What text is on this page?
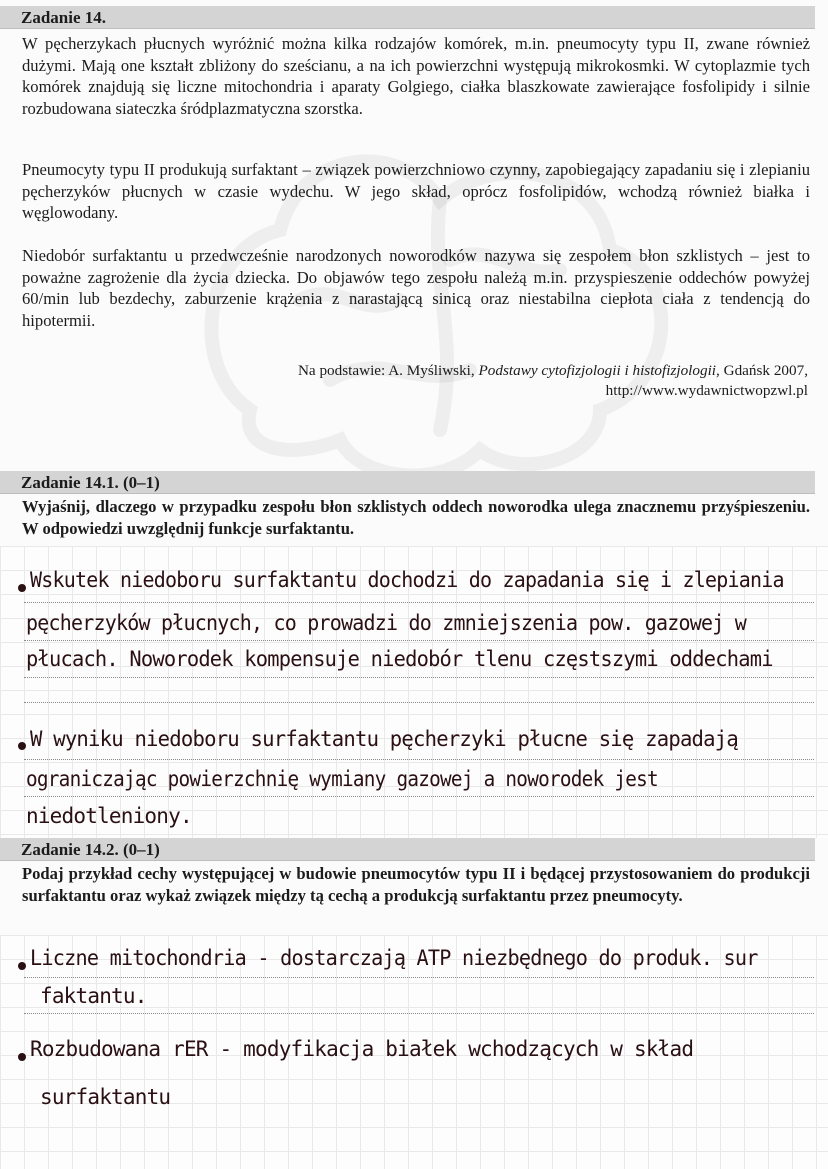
Zadanie 14.

W pęcherzykach płucnych wyróżnić można kilka rodzajów komórek, m.in. pneumocyty typu II, zwane również dużymi. Mają one kształt zbliżony do sześcianu, a na ich powierzchni występują mikrokosmki. W cytoplazmie tych komórek znajdują się liczne mitochondria i aparaty Golgiego, ciałka blaszkowate zawierające fosfolipidy i silnie rozbudowana siateczka śródplazmatyczna szorstka.

Pneumocyty typu II produkują surfaktant – związek powierzchniowo czynny, zapobiegający zapadaniu się i zlepianiu pęcherzyków płucnych w czasie wydechu. W jego skład, oprócz fosfolipidów, wchodzą również białka i węglowodany.

Niedobór surfaktantu u przedwcześnie narodzonych noworodków nazywa się zespołem błon szklistych – jest to poważne zagrożenie dla życia dziecka. Do objawów tego zespołu należą m.in. przyspieszenie oddechów powyżej 60/min lub bezdechy, zaburzenie krążenia z narastającą sinicą oraz niestabilna ciepłota ciała z tendencją do hipotermii.

Na podstawie: A. Myśliwski, Podstawy cytofizjologii i histofizjologii, Gdańsk 2007,
http://www.wydawnictwopzwl.pl
Zadanie 14.1. (0–1)

Wyjaśnij, dlaczego w przypadku zespołu błon szklistych oddech noworodka ulega znacznemu przyśpieszeniu. W odpowiedzi uwzględnij funkcje surfaktantu.

Wskutek niedoboru surfaktantu dochodzi do zapadania się i zlepiania
pęcherzyków płucnych, co prowadzi do zmniejszenia pow. gazowej w
płucach. Noworodek kompensuje niedobór tlenu częstszymi oddechami
W wyniku niedoboru surfaktantu pęcherzyki płucne się zapadają
ograniczając powierzchnię wymiany gazowej a noworodek jest
niedotleniony.
Zadanie 14.2. (0–1)

Podaj przykład cechy występującej w budowie pneumocytów typu II i będącej przystosowaniem do produkcji surfaktantu oraz wykaż związek między tą cechą a produkcją surfaktantu przez pneumocyty.

Liczne mitochondria - dostarczają ATP niezbędnego do produk. sur
faktantu.
Rozbudowana rER - modyfikacja białek wchodzących w skład
surfaktantu
